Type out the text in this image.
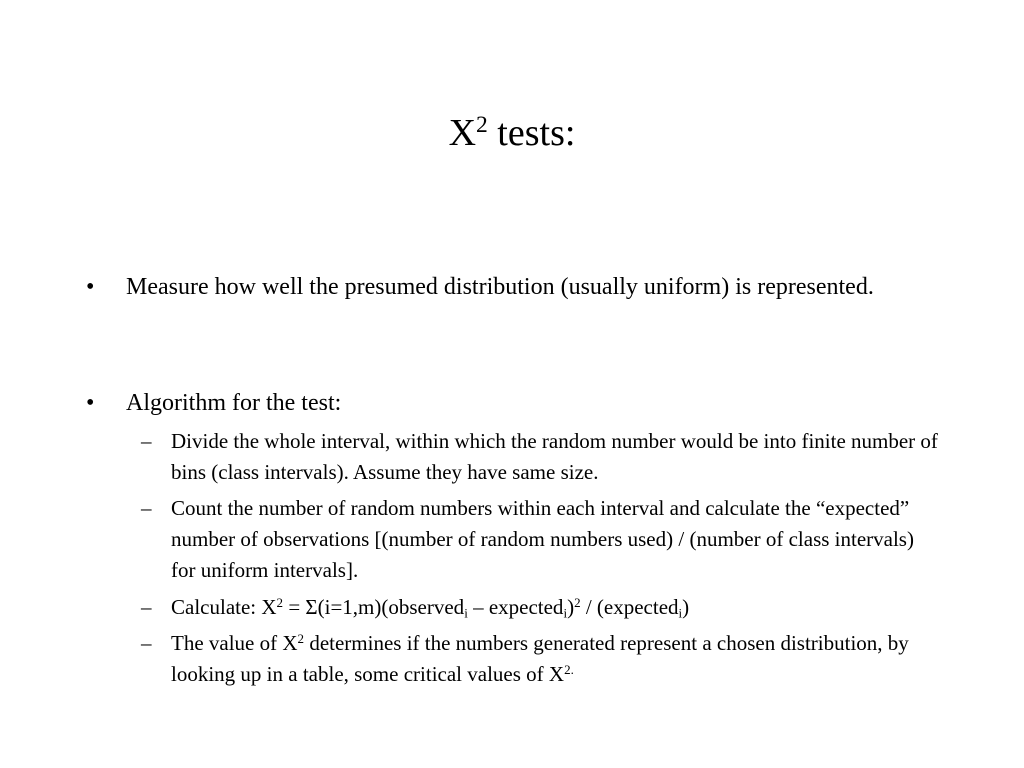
$X^2$ tests:
•	Measure how well the presumed distribution (usually uniform) is represented.
•	Algorithm for the test:
– Divide the whole interval, within which the random number would be into finite number of bins (class intervals). Assume they have same size.
– Count the number of random numbers within each interval and calculate the “expected” number of observations [(number of random numbers used) / (number of class intervals) for uniform intervals].
– Calculate: $X^2$ = Σ(i=1,m)(observed$_i$ – expected$_i$)$^2$ / (expected$_i$)
– The value of $X^2$ determines if the numbers generated represent a chosen distribution, by looking up in a table, some critical values of $X^{2.}$
